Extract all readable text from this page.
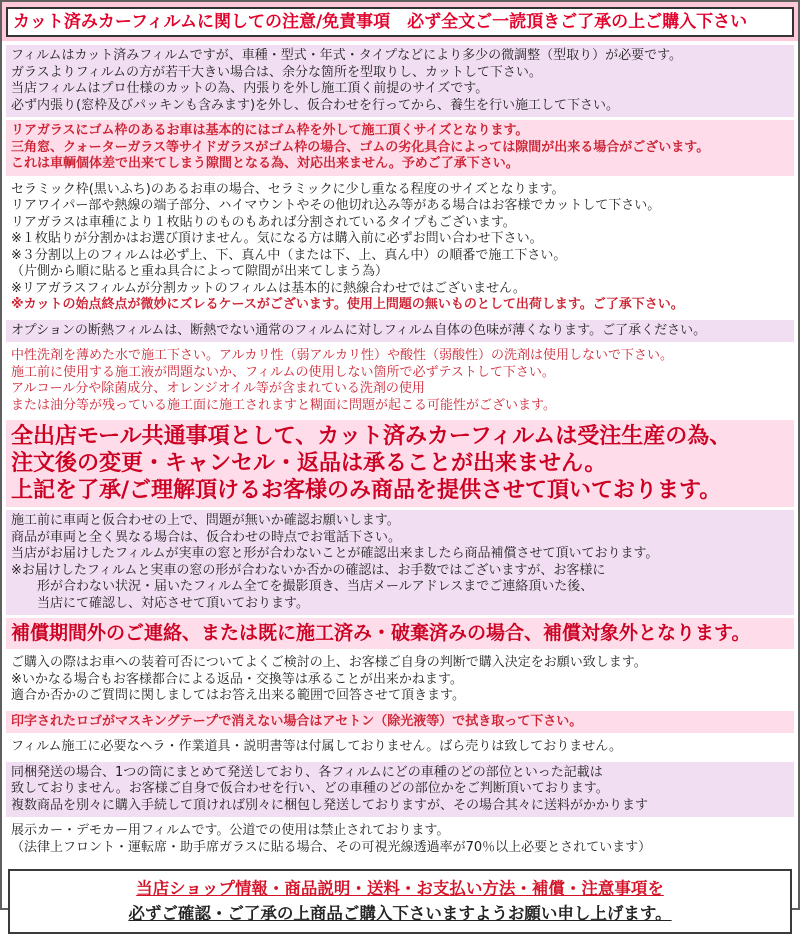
カット済みカーフィルムに関しての注意/免責事項　必ず全文ご一読頂きご了承の上ご購入下さい
フィルムはカット済みフィルムですが、車種・型式・年式・タイプなどにより多少の微調整（型取り）が必要です。
ガラスよりフィルムの方が若干大きい場合は、余分な箇所を型取りし、カットして下さい。
当店フィルムはプロ仕様のカットの為、内張りを外し施工頂く前提のサイズです。
必ず内張り(窓枠及びパッキンも含みます)を外し、仮合わせを行ってから、養生を行い施工して下さい。
リアガラスにゴム枠のあるお車は基本的にはゴム枠を外して施工頂くサイズとなります。
三角窓、クォーターガラス等サイドガラスがゴム枠の場合、ゴムの劣化具合によっては隙間が出来る場合がございます。
これは車輌個体差で出来てしまう隙間となる為、対応出来ません。予めご了承下さい。
セラミック枠(黒いふち)のあるお車の場合、セラミックに少し重なる程度のサイズとなります。
リアワイパー部や熱線の端子部分、ハイマウントやその他切れ込み等がある場合はお客様でカットして下さい。
リアガラスは車種により１枚貼りのものもあれば分割されているタイプもございます。
※１枚貼りが分割かはお選び頂けません。気になる方は購入前に必ずお問い合わせ下さい。
※３分割以上のフィルムは必ず上、下、真ん中（または下、上、真ん中）の順番で施工下さい。
（片側から順に貼ると重ね具合によって隙間が出来てしまう為）
※リアガラスフィルムが分割カットのフィルムは基本的に熱線合わせではございません。
※カットの始点終点が微妙にズレるケースがございます。使用上問題の無いものとして出荷します。ご了承下さい。
オプションの断熱フィルムは、断熱でない通常のフィルムに対しフィルム自体の色味が薄くなります。ご了承ください。
中性洗剤を薄めた水で施工下さい。アルカリ性（弱アルカリ性）や酸性（弱酸性）の洗剤は使用しないで下さい。
施工前に使用する施工液が問題ないか、フィルムの使用しない箇所で必ずテストして下さい。
アルコール分や除菌成分、オレンジオイル等が含まれている洗剤の使用
または油分等が残っている施工面に施工されますと糊面に問題が起こる可能性がございます。
全出店モール共通事項として、カット済みカーフィルムは受注生産の為、
注文後の変更・キャンセル・返品は承ることが出来ません。
上記を了承/ご理解頂けるお客様のみ商品を提供させて頂いております。
施工前に車両と仮合わせの上で、問題が無いか確認お願いします。
商品が車両と全く異なる場合は、仮合わせの時点でお電話下さい。
当店がお届けしたフィルムが実車の窓と形が合わないことが確認出来ましたら商品補償させて頂いております。
※お届けしたフィルムと実車の窓の形が合わないか否かの確認は、お手数ではございますが、お客様に
　　形が合わない状況・届いたフィルム全てを撮影頂き、当店メールアドレスまでご連絡頂いた後、
　　当店にて確認し、対応させて頂いております。
補償期間外のご連絡、または既に施工済み・破棄済みの場合、補償対象外となります。
ご購入の際はお車への装着可否についてよくご検討の上、お客様ご自身の判断で購入決定をお願い致します。
※いかなる場合もお客様都合による返品・交換等は承ることが出来かねます。
適合か否かのご質問に関しましてはお答え出来る範囲で回答させて頂きます。
印字されたロゴがマスキングテープで消えない場合はアセトン（除光液等）で拭き取って下さい。
フィルム施工に必要なヘラ・作業道具・説明書等は付属しておりません。ばら売りは致しておりません。
同梱発送の場合、1つの筒にまとめて発送しており、各フィルムにどの車種のどの部位といった記載は
致しておりません。お客様ご自身で仮合わせを行い、どの車種のどの部位かをご判断頂いております。
複数商品を別々に購入手続して頂ければ別々に梱包し発送しておりますが、その場合其々に送料がかかります
展示カー・デモカー用フィルムです。公道での使用は禁止されております。
（法律上フロント・運転席・助手席ガラスに貼る場合、その可視光線透過率が70％以上必要とされています）
当店ショップ情報・商品説明・送料・お支払い方法・補償・注意事項を
必ずご確認・ご了承の上商品ご購入下さいますようお願い申し上げます。
